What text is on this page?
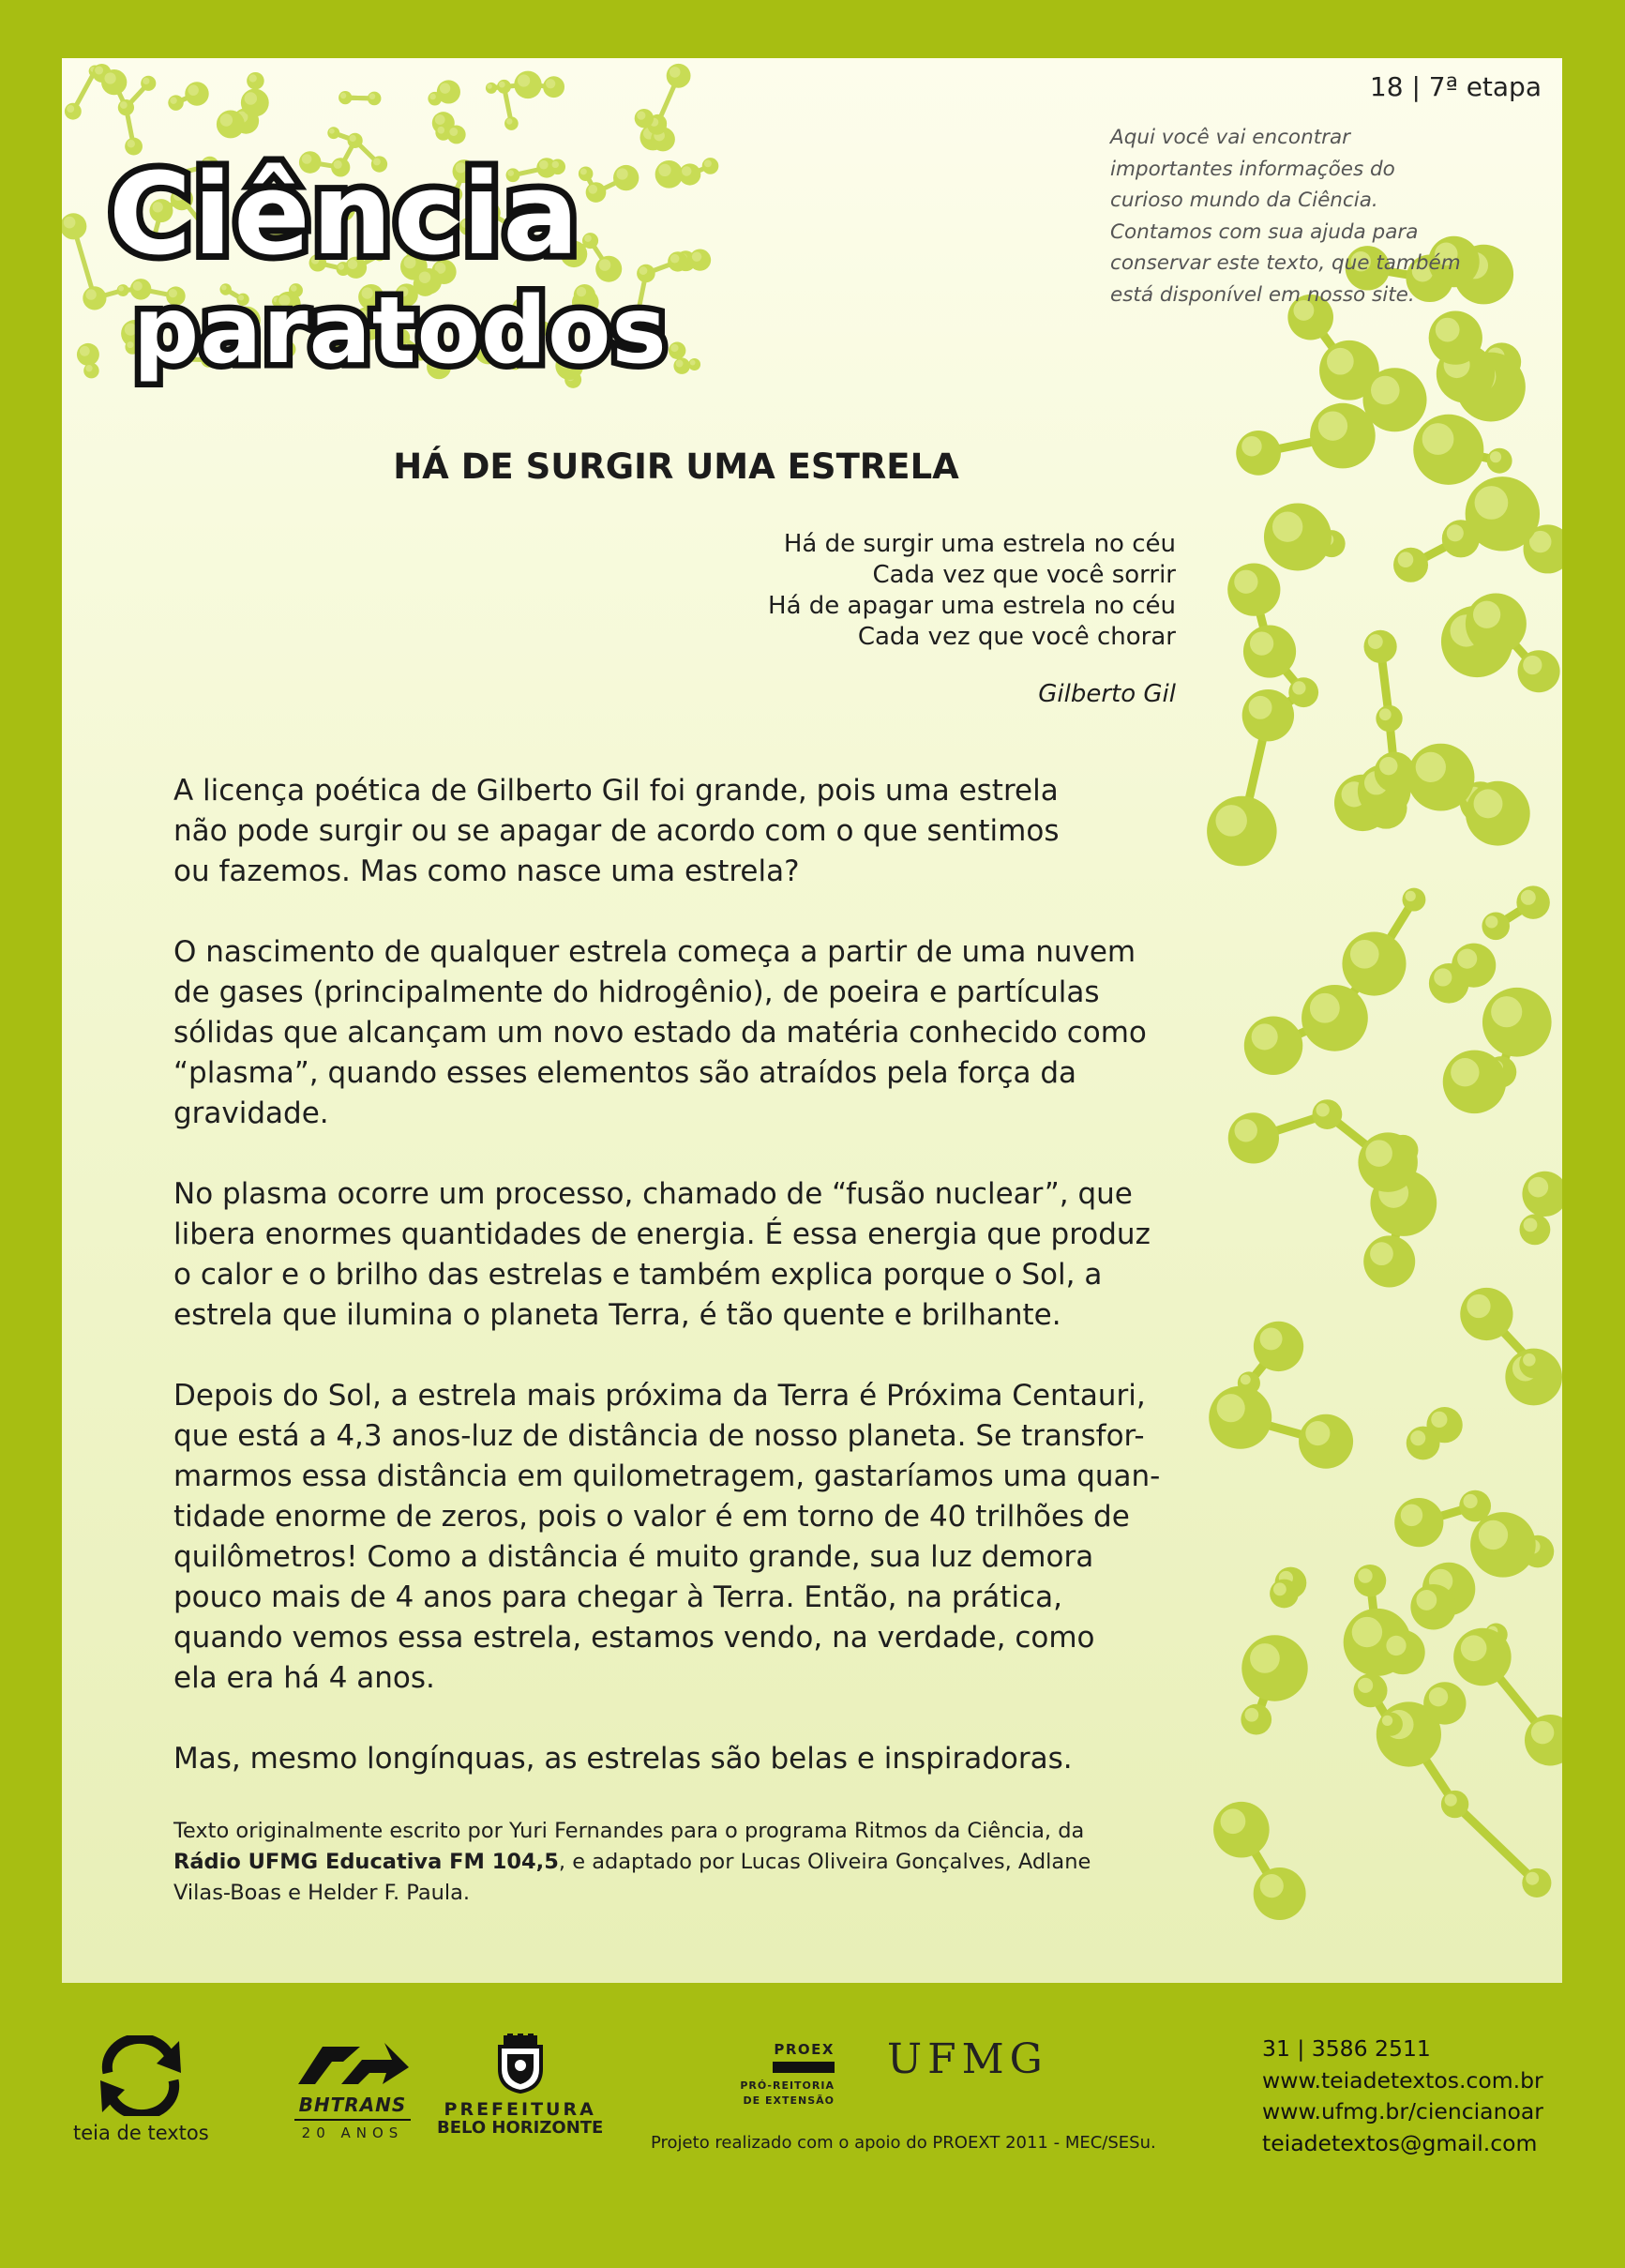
18 | 7ª etapa
Ciência
paratodos

Aqui você vai encontrar

importantes informações do

curioso mundo da Ciência.

Contamos com sua ajuda para

conservar este texto, que também

está disponível em nosso site.

HÁ DE SURGIR UMA ESTRELA

Há de surgir uma estrela no céu

Cada vez que você sorrir

Há de apagar uma estrela no céu

Cada vez que você chorar

Gilberto Gil

A licença poética de Gilberto Gil foi grande, pois uma estrela
não pode surgir ou se apagar de acordo com o que sentimos
ou fazemos. Mas como nasce uma estrela?

O nascimento de qualquer estrela começa a partir de uma nuvem
de gases (principalmente do hidrogênio), de poeira e partículas
sólidas que alcançam um novo estado da matéria conhecido como
“plasma”, quando esses elementos são atraídos pela força da
gravidade.

No plasma ocorre um processo, chamado de “fusão nuclear”, que
libera enormes quantidades de energia. É essa energia que produz
o calor e o brilho das estrelas e também explica porque o Sol, a
estrela que ilumina o planeta Terra, é tão quente e brilhante.

Depois do Sol, a estrela mais próxima da Terra é Próxima Centauri,
que está a 4,3 anos-luz de distância de nosso planeta. Se transfor-
marmos essa distância em quilometragem, gastaríamos uma quan-
tidade enorme de zeros, pois o valor é em torno de 40 trilhões de
quilômetros! Como a distância é muito grande, sua luz demora
pouco mais de 4 anos para chegar à Terra. Então, na prática,
quando vemos essa estrela, estamos vendo, na verdade, como
ela era há 4 anos.

Mas, mesmo longínquas, as estrelas são belas e inspiradoras.

Texto originalmente escrito por Yuri Fernandes para o programa Ritmos da Ciência, da
Rádio UFMG Educativa FM 104,5, e adaptado por Lucas Oliveira Gonçalves, Adlane
Vilas-Boas e Helder F. Paula.

teia de textos
BHTRANS
20 ANOS
PREFEITURA
BELO HORIZONTE
PROEX
PRÓ-REITORIA
DE EXTENSÃO
UFMG
Projeto realizado com o apoio do PROEXT 2011 - MEC/SESu.
31 | 3586 2511
www.teiadetextos.com.br
www.ufmg.br/ciencianoar
teiadetextos@gmail.com
